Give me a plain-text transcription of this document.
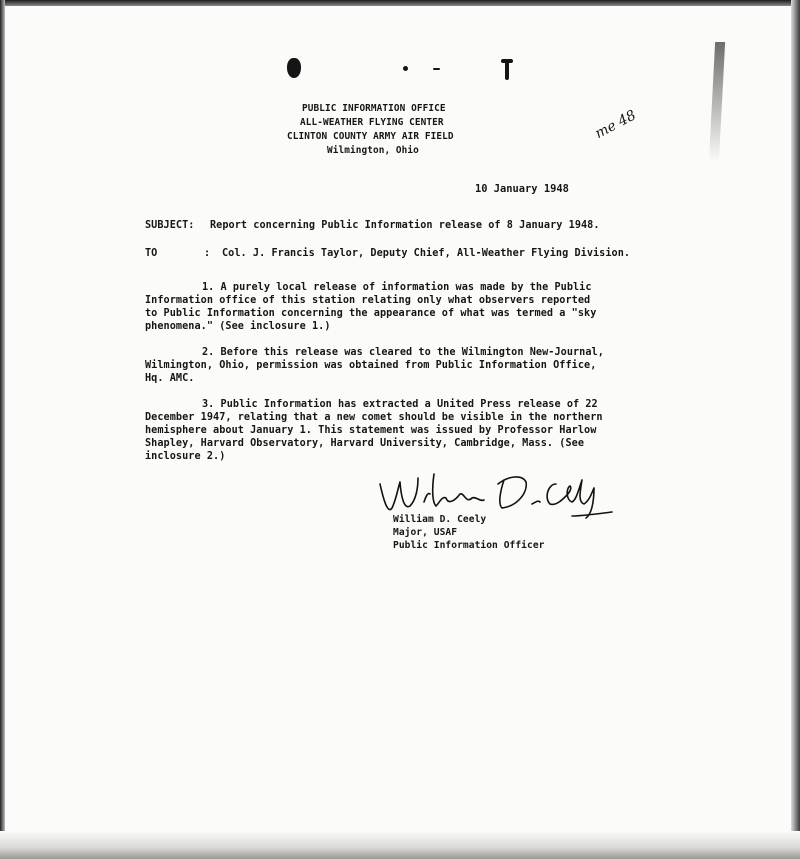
PUBLIC INFORMATION OFFICE
ALL-WEATHER FLYING CENTER
CLINTON COUNTY ARMY AIR FIELD
Wilmington, Ohio
me 48
10 January 1948
SUBJECT: Report concerning Public Information release of 8 January 1948.
TO	: Col. J. Francis Taylor, Deputy Chief, All-Weather Flying Division.
1. A purely local release of information was made by the Public
Information office of this station relating only what observers reported
to Public Information concerning the appearance of what was termed a "sky
phenomena." (See inclosure 1.)
2. Before this release was cleared to the Wilmington New-Journal,
Wilmington, Ohio, permission was obtained from Public Information Office,
Hq. AMC.
3. Public Information has extracted a United Press release of 22
December 1947, relating that a new comet should be visible in the northern
hemisphere about January 1. This statement was issued by Professor Harlow
Shapley, Harvard Observatory, Harvard University, Cambridge, Mass. (See
inclosure 2.)
William D. Ceely
Major, USAF
Public Information Officer
